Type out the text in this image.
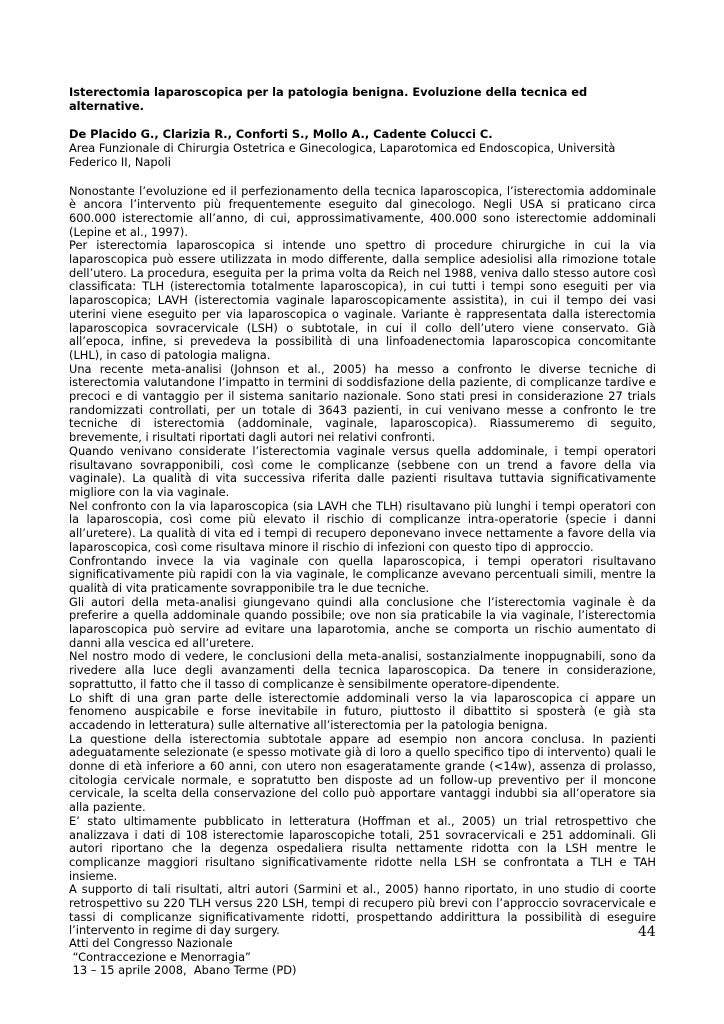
Isterectomia laparoscopica per la patologia benigna. Evoluzione della tecnica ed alternative.

De Placido G., Clarizia R., Conforti S., Mollo A., Cadente Colucci C.

Area Funzionale di Chirurgia Ostetrica e Ginecologica, Laparotomica ed Endoscopica, Università Federico II, Napoli

Nonostante l’evoluzione ed il perfezionamento della tecnica laparoscopica, l’isterectomia addominale è ancora l’intervento più frequentemente eseguito dal ginecologo. Negli USA si praticano circa 600.000 isterectomie all’anno, di cui, approssimativamente, 400.000 sono isterectomie addominali (Lepine et al., 1997).

Per isterectomia laparoscopica si intende uno spettro di procedure chirurgiche in cui la via laparoscopica può essere utilizzata in modo differente, dalla semplice adesiolisi alla rimozione totale dell’utero. La procedura, eseguita per la prima volta da Reich nel 1988, veniva dallo stesso autore così classificata: TLH (isterectomia totalmente laparoscopica), in cui tutti i tempi sono eseguiti per via laparoscopica; LAVH (isterectomia vaginale laparoscopicamente assistita), in cui il tempo dei vasi uterini viene eseguito per via laparoscopica o vaginale. Variante è rappresentata dalla isterectomia laparoscopica sovracervicale (LSH) o subtotale, in cui il collo dell’utero viene conservato. Già all’epoca, infine, si prevedeva la possibilità di una linfoadenectomia laparoscopica concomitante (LHL), in caso di patologia maligna.

Una recente meta-analisi (Johnson et al., 2005) ha messo a confronto le diverse tecniche di isterectomia valutandone l’impatto in termini di soddisfazione della paziente, di complicanze tardive e precoci e di vantaggio per il sistema sanitario nazionale. Sono stati presi in considerazione 27 trials randomizzati controllati, per un totale di 3643 pazienti, in cui venivano messe a confronto le tre tecniche di isterectomia (addominale, vaginale, laparoscopica). Riassumeremo di seguito, brevemente, i risultati riportati dagli autori nei relativi confronti.

Quando venivano considerate l’isterectomia vaginale versus quella addominale, i tempi operatori risultavano sovrapponibili, così come le complicanze (sebbene con un trend a favore della via vaginale). La qualità di vita successiva riferita dalle pazienti risultava tuttavia significativamente migliore con la via vaginale.

Nel confronto con la via laparoscopica (sia LAVH che TLH) risultavano più lunghi i tempi operatori con la laparoscopia, così come più elevato il rischio di complicanze intra-operatorie (specie i danni all’uretere). La qualità di vita ed i tempi di recupero deponevano invece nettamente a favore della via laparoscopica, così come risultava minore il rischio di infezioni con questo tipo di approccio.

Confrontando invece la via vaginale con quella laparoscopica, i tempi operatori risultavano significativamente più rapidi con la via vaginale, le complicanze avevano percentuali simili, mentre la qualità di vita praticamente sovrapponibile tra le due tecniche.

Gli autori della meta-analisi giungevano quindi alla conclusione che l’isterectomia vaginale è da preferire a quella addominale quando possibile; ove non sia praticabile la via vaginale, l’isterectomia laparoscopica può servire ad evitare una laparotomia, anche se comporta un rischio aumentato di danni alla vescica ed all’uretere.

Nel nostro modo di vedere, le conclusioni della meta-analisi, sostanzialmente inoppugnabili, sono da rivedere alla luce degli avanzamenti della tecnica laparoscopica. Da tenere in considerazione, soprattutto, il fatto che il tasso di complicanze è sensibilmente operatore-dipendente.

Lo shift di una gran parte delle isterectomie addominali verso la via laparoscopica ci appare un fenomeno auspicabile e forse inevitabile in futuro, piuttosto il dibattito si sposterà (e già sta accadendo in letteratura) sulle alternative all’isterectomia per la patologia benigna.

La questione della isterectomia subtotale appare ad esempio non ancora conclusa. In pazienti adeguatamente selezionate (e spesso motivate già di loro a quello specifico tipo di intervento) quali le donne di età inferiore a 60 anni, con utero non esageratamente grande (<14w), assenza di prolasso, citologia cervicale normale, e sopratutto ben disposte ad un follow-up preventivo per il moncone cervicale, la scelta della conservazione del collo può apportare vantaggi indubbi sia all’operatore sia alla paziente.

E’ stato ultimamente pubblicato in letteratura (Hoffman et al., 2005) un trial retrospettivo che analizzava i dati di 108 isterectomie laparoscopiche totali, 251 sovracervicali e 251 addominali. Gli autori riportano che la degenza ospedaliera risulta nettamente ridotta con la LSH mentre le complicanze maggiori risultano significativamente ridotte nella LSH se confrontata a TLH e TAH insieme.

A supporto di tali risultati, altri autori (Sarmini et al., 2005) hanno riportato, in uno studio di coorte retrospettivo su 220 TLH versus 220 LSH, tempi di recupero più brevi con l’approccio sovracervicale e tassi di complicanze significativamente ridotti, prospettando addirittura la possibilità di eseguire l’intervento in regime di day surgery.	44
Atti del Congresso Nazionale
“Contraccezione e Menorragia”
13 – 15 aprile 2008,  Abano Terme (PD)
